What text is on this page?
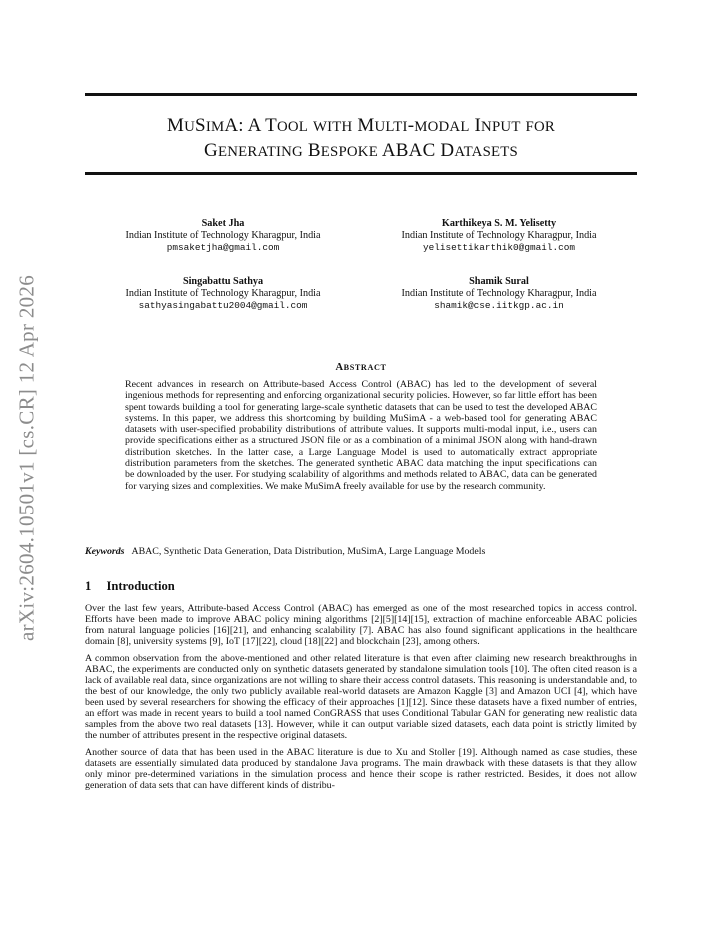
arXiv:2604.10501v1 [cs.CR] 12 Apr 2026
MUSIMA: A TOOL WITH MULTI-MODAL INPUT FOR
GENERATING BESPOKE ABAC DATASETS
Saket Jha
Indian Institute of Technology Kharagpur, India
pmsaketjha@gmail.com
Karthikeya S. M. Yelisetty
Indian Institute of Technology Kharagpur, India
yelisettikarthik0@gmail.com
Singabattu Sathya
Indian Institute of Technology Kharagpur, India
sathyasingabattu2004@gmail.com
Shamik Sural
Indian Institute of Technology Kharagpur, India
shamik@cse.iitkgp.ac.in
ABSTRACT
Recent advances in research on Attribute-based Access Control (ABAC) has led to the development of several ingenious methods for representing and enforcing organizational security policies. However, so far little effort has been spent towards building a tool for generating large-scale synthetic datasets that can be used to test the developed ABAC systems. In this paper, we address this shortcoming by building MuSimA - a web-based tool for generating ABAC datasets with user-specified probability distributions of attribute values. It supports multi-modal input, i.e., users can provide specifications either as a structured JSON file or as a combination of a minimal JSON along with hand-drawn distribution sketches. In the latter case, a Large Language Model is used to automatically extract appropriate distribution parameters from the sketches. The generated synthetic ABAC data matching the input specifications can be downloaded by the user. For studying scalability of algorithms and methods related to ABAC, data can be generated for varying sizes and complexities. We make MuSimA freely available for use by the research community.
Keywords ABAC, Synthetic Data Generation, Data Distribution, MuSimA, Large Language Models
1 Introduction

Over the last few years, Attribute-based Access Control (ABAC) has emerged as one of the most researched topics in access control. Efforts have been made to improve ABAC policy mining algorithms [2][5][14][15], extraction of machine enforceable ABAC policies from natural language policies [16][21], and enhancing scalability [7]. ABAC has also found significant applications in the healthcare domain [8], university systems [9], IoT [17][22], cloud [18][22] and blockchain [23], among others.

A common observation from the above-mentioned and other related literature is that even after claiming new research breakthroughs in ABAC, the experiments are conducted only on synthetic datasets generated by standalone simulation tools [10]. The often cited reason is a lack of available real data, since organizations are not willing to share their access control datasets. This reasoning is understandable and, to the best of our knowledge, the only two publicly available real-world datasets are Amazon Kaggle [3] and Amazon UCI [4], which have been used by several researchers for showing the efficacy of their approaches [1][12]. Since these datasets have a fixed number of entries, an effort was made in recent years to build a tool named ConGRASS that uses Conditional Tabular GAN for generating new realistic data samples from the above two real datasets [13]. However, while it can output variable sized datasets, each data point is strictly limited by the number of attributes present in the respective original datasets.

Another source of data that has been used in the ABAC literature is due to Xu and Stoller [19]. Although named as case studies, these datasets are essentially simulated data produced by standalone Java programs. The main drawback with these datasets is that they allow only minor pre-determined variations in the simulation process and hence their scope is rather restricted. Besides, it does not allow generation of data sets that can have different kinds of distribu-
